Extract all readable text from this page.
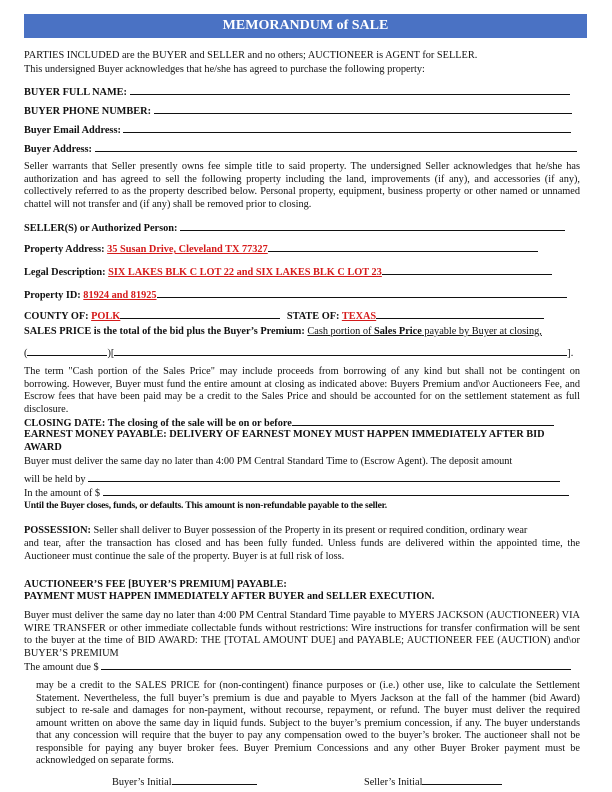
MEMORANDUM of SALE
PARTIES INCLUDED are the BUYER and SELLER and no others; AUCTIONEER is AGENT for SELLER.
This undersigned Buyer acknowledges that he/she has agreed to purchase the following property:
BUYER FULL NAME:
BUYER PHONE NUMBER:
Buyer Email Address:
Buyer Address:
Seller warrants that Seller presently owns fee simple title to said property. The undersigned Seller acknowledges that he/she has authorization and has agreed to sell the following property including the land, improvements (if any), and accessories (if any), collectively referred to as the property described below. Personal property, equipment, business property or other named or unnamed chattel will not transfer and (if any) shall be removed prior to closing.
SELLER(S) or Authorized Person:
Property Address: 35 Susan Drive, Cleveland TX 77327
Legal Description: SIX LAKES BLK C LOT 22 and SIX LAKES BLK C LOT 23
Property ID: 81924 and 81925
COUNTY OF: POLK	STATE OF: TEXAS
SALES PRICE is the total of the bid plus the Buyer’s Premium: Cash portion of Sales Price payable by Buyer at closing,
(	)[	].
The term "Cash portion of the Sales Price" may include proceeds from borrowing of any kind but shall not be contingent on borrowing. However, Buyer must fund the entire amount at closing as indicated above: Buyers Premium and\or Auctioneers Fee, and Escrow fees that have been paid may be a credit to the Sales Price and should be accounted for on the settlement statement as full disclosure.
CLOSING DATE: The closing of the sale will be on or before
EARNEST MONEY PAYABLE: DELIVERY OF EARNEST MONEY MUST HAPPEN IMMEDIATELY AFTER BID AWARD
Buyer must deliver the same day no later than 4:00 PM Central Standard Time to (Escrow Agent). The deposit amount
will be held by
In the amount of $
Until the Buyer closes, funds, or defaults. This amount is non-refundable payable to the seller.
POSSESSION: Seller shall deliver to Buyer possession of the Property in its present or required condition, ordinary wear
and tear, after the transaction has closed and has been fully funded. Unless funds are delivered within the appointed time, the Auctioneer must continue the sale of the property. Buyer is at full risk of loss.
AUCTIONEER’S FEE [BUYER’S PREMIUM] PAYABLE:
PAYMENT MUST HAPPEN IMMEDIATELY AFTER BUYER and SELLER EXECUTION.
Buyer must deliver the same day no later than 4:00 PM Central Standard Time payable to MYERS JACKSON (AUCTIONEER) VIA WIRE TRANSFER or other immediate collectable funds without restrictions: Wire instructions for transfer confirmation will be sent to the buyer at the time of BID AWARD: THE [TOTAL AMOUNT DUE] and PAYABLE; AUCTIONEER FEE (AUCTION) and\or BUYER’S PREMIUM
The amount due $
may be a credit to the SALES PRICE for (non-contingent) finance purposes or (i.e.) other use, like to calculate the Settlement Statement. Nevertheless, the full buyer’s premium is due and payable to Myers Jackson at the fall of the hammer (bid Award) subject to re-sale and damages for non-payment, without recourse, repayment, or refund. The buyer must deliver the required amount written on above the same day in liquid funds. Subject to the buyer’s premium concession, if any. The buyer understands that any concession will require that the buyer to pay any compensation owed to the buyer’s broker. The auctioneer shall not be responsible for paying any buyer broker fees. Buyer Premium Concessions and any other Buyer Broker payment must be acknowledged on separate forms.
Buyer’s Initial	Seller’s Initial
